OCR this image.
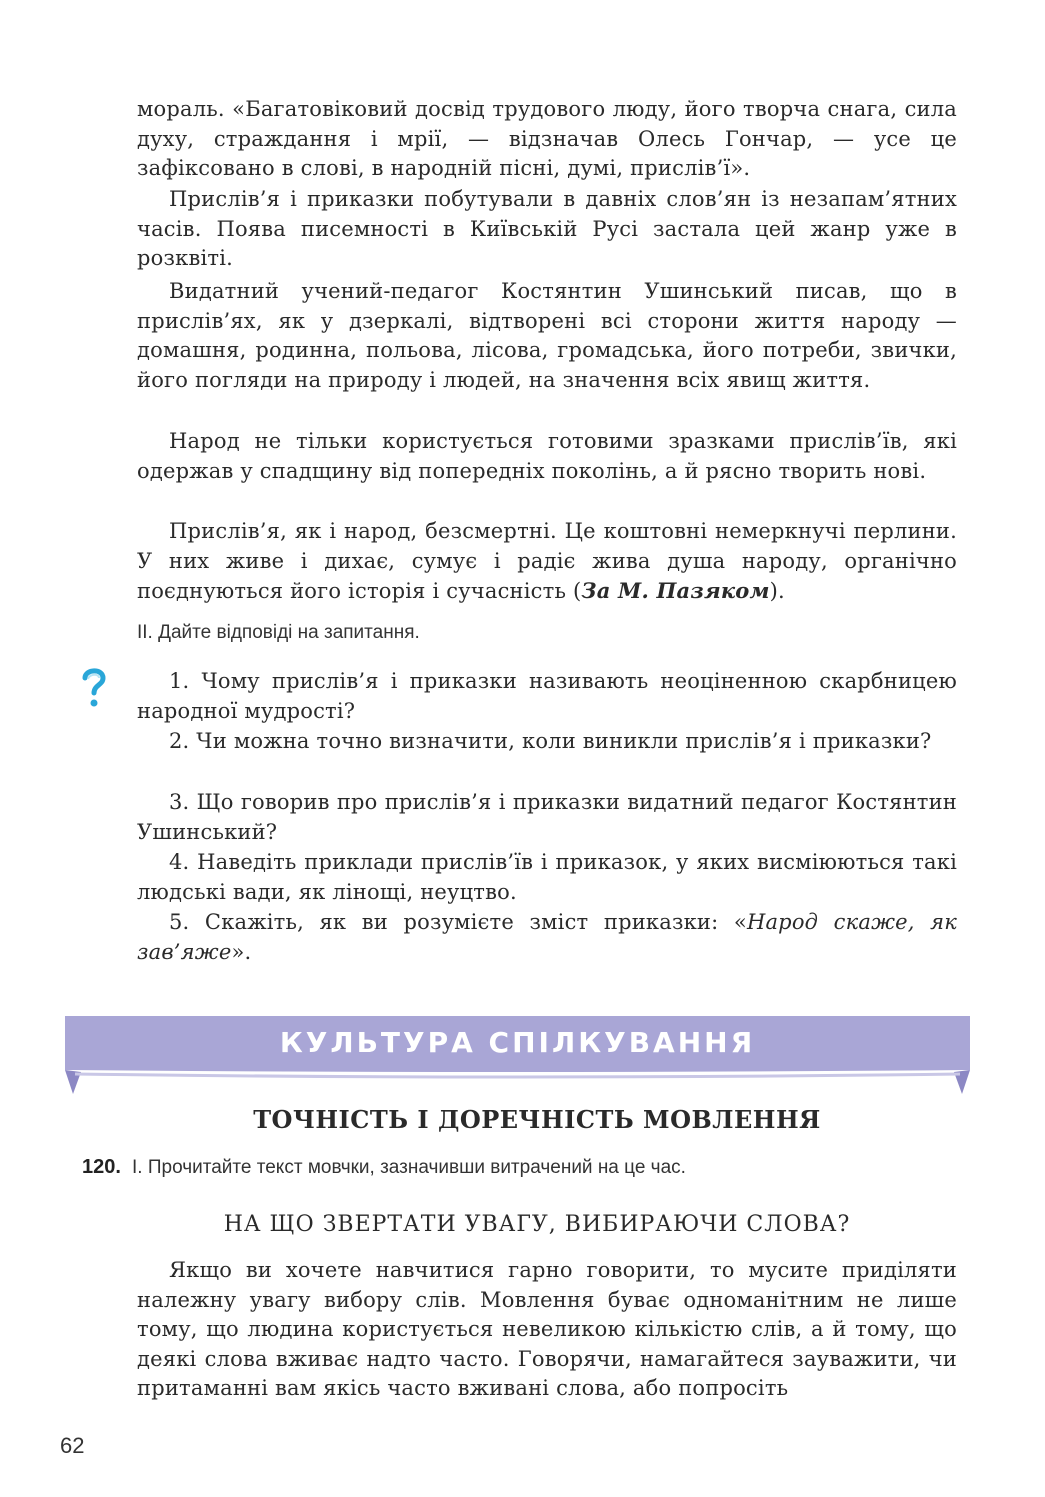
мораль. «Багатовіковий досвід трудового люду, його творча снага, сила духу, страждання і мрії, — відзначав Олесь Гончар, — усе це зафіксовано в слові, в народній пісні, думі, прислів’ї».

Прислів’я і приказки побутували в давніх слов’ян із незапам’ятних часів. Поява писемності в Київській Русі застала цей жанр уже в розквіті.

Видатний учений-педагог Костянтин Ушинський писав, що в прислів’ях, як у дзеркалі, відтворені всі сторони життя народу — домашня, родинна, польова, лісова, громадська, його потреби, звички, його погляди на природу і людей, на значення всіх явищ життя.

Народ не тільки користується готовими зразками прислів’їв, які одержав у спадщину від попередніх поколінь, а й рясно творить нові.

Прислів’я, як і народ, безсмертні. Це коштовні немеркнучі перлини. У них живе і дихає, сумує і радіє жива душа народу, органічно поєднуються його історія і сучасність (За М. Пазяком).

ІІ. Дайте відповіді на запитання.

1. Чому прислів’я і приказки називають неоціненною скарбницею народної мудрості?

2. Чи можна точно визначити, коли виникли прислів’я і приказки?

3. Що говорив про прислів’я і приказки видатний педагог Костянтин Ушинський?

4. Наведіть приклади прислів’їв і приказок, у яких висміюються такі людські вади, як лінощі, неуцтво.

5. Скажіть, як ви розумієте зміст приказки: «Народ скаже, як зав’яже».

КУЛЬТУРА СПІЛКУВАННЯ
ТОЧНІСТЬ І ДОРЕЧНІСТЬ МОВЛЕННЯ
120. І. Прочитайте текст мовчки, зазначивши витрачений на це час.
НА ЩО ЗВЕРТАТИ УВАГУ, ВИБИРАЮЧИ СЛОВА?

Якщо ви хочете навчитися гарно говорити, то мусите приділяти належну увагу вибору слів. Мовлення буває одноманітним не лише тому, що людина користується невеликою кількістю слів, а й тому, що деякі слова вживає надто часто. Говорячи, намагайтеся зауважити, чи притаманні вам якісь часто вживані слова, або попросіть

62
